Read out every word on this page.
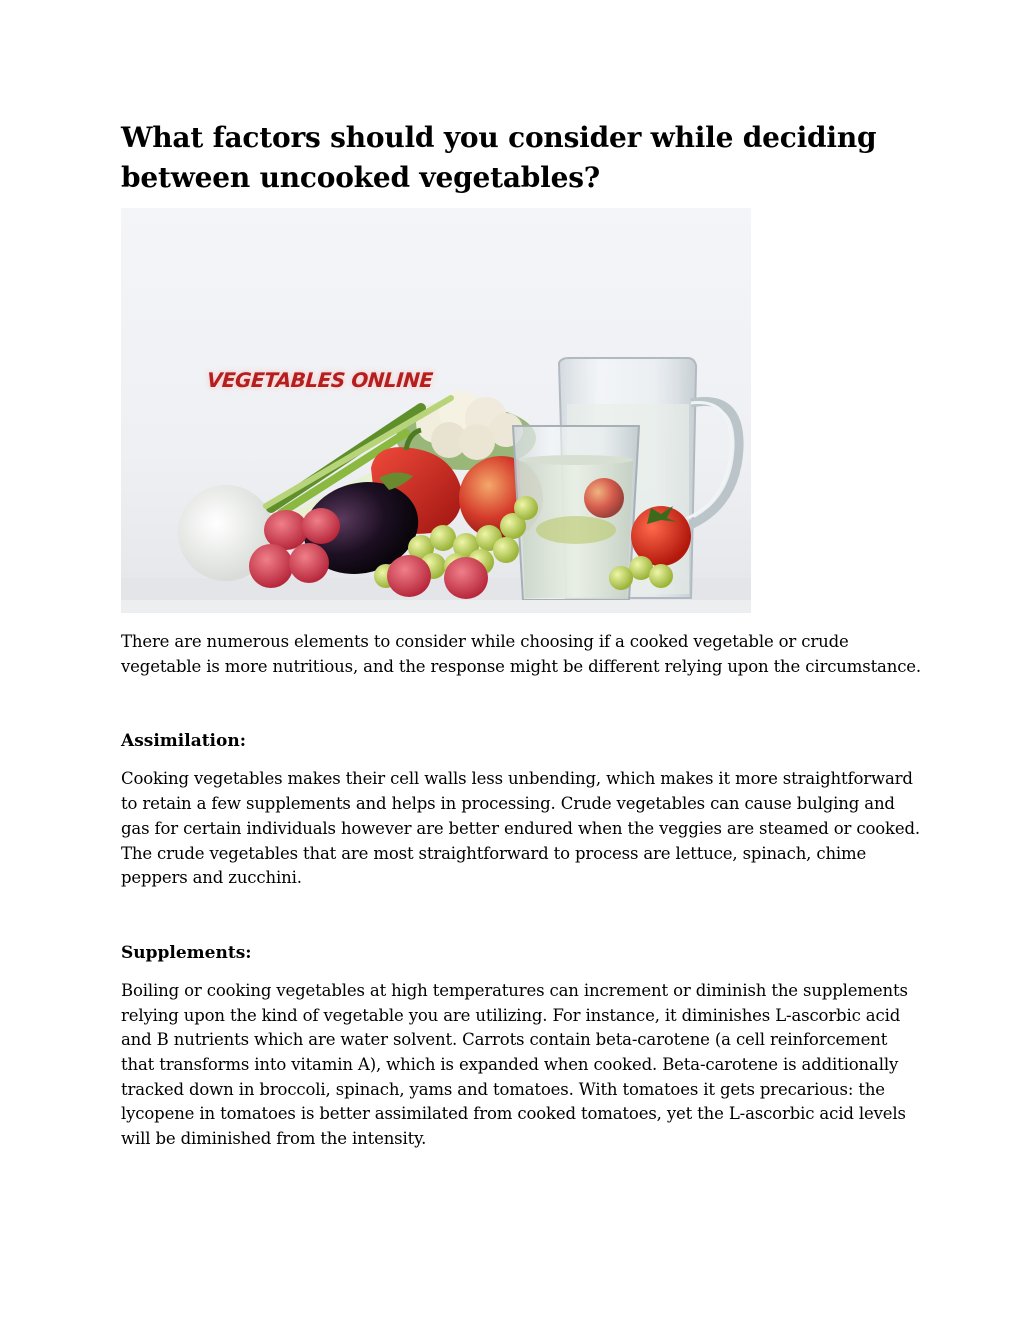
What factors should you consider while deciding between uncooked vegetables?
VEGETABLES ONLINE

There are numerous elements to consider while choosing if a cooked vegetable or crude vegetable is more nutritious, and the response might be different relying upon the circumstance.

Assimilation:

Cooking vegetables makes their cell walls less unbending, which makes it more straightforward to retain a few supplements and helps in processing. Crude vegetables can cause bulging and gas for certain individuals however are better endured when the veggies are steamed or cooked. The crude vegetables that are most straightforward to process are lettuce, spinach, chime peppers and zucchini.

Supplements:

Boiling or cooking vegetables at high temperatures can increment or diminish the supplements relying upon the kind of vegetable you are utilizing. For instance, it diminishes L-ascorbic acid and B nutrients which are water solvent. Carrots contain beta-carotene (a cell reinforcement that transforms into vitamin A), which is expanded when cooked. Beta-carotene is additionally tracked down in broccoli, spinach, yams and tomatoes. With tomatoes it gets precarious: the lycopene in tomatoes is better assimilated from cooked tomatoes, yet the L-ascorbic acid levels will be diminished from the intensity.
